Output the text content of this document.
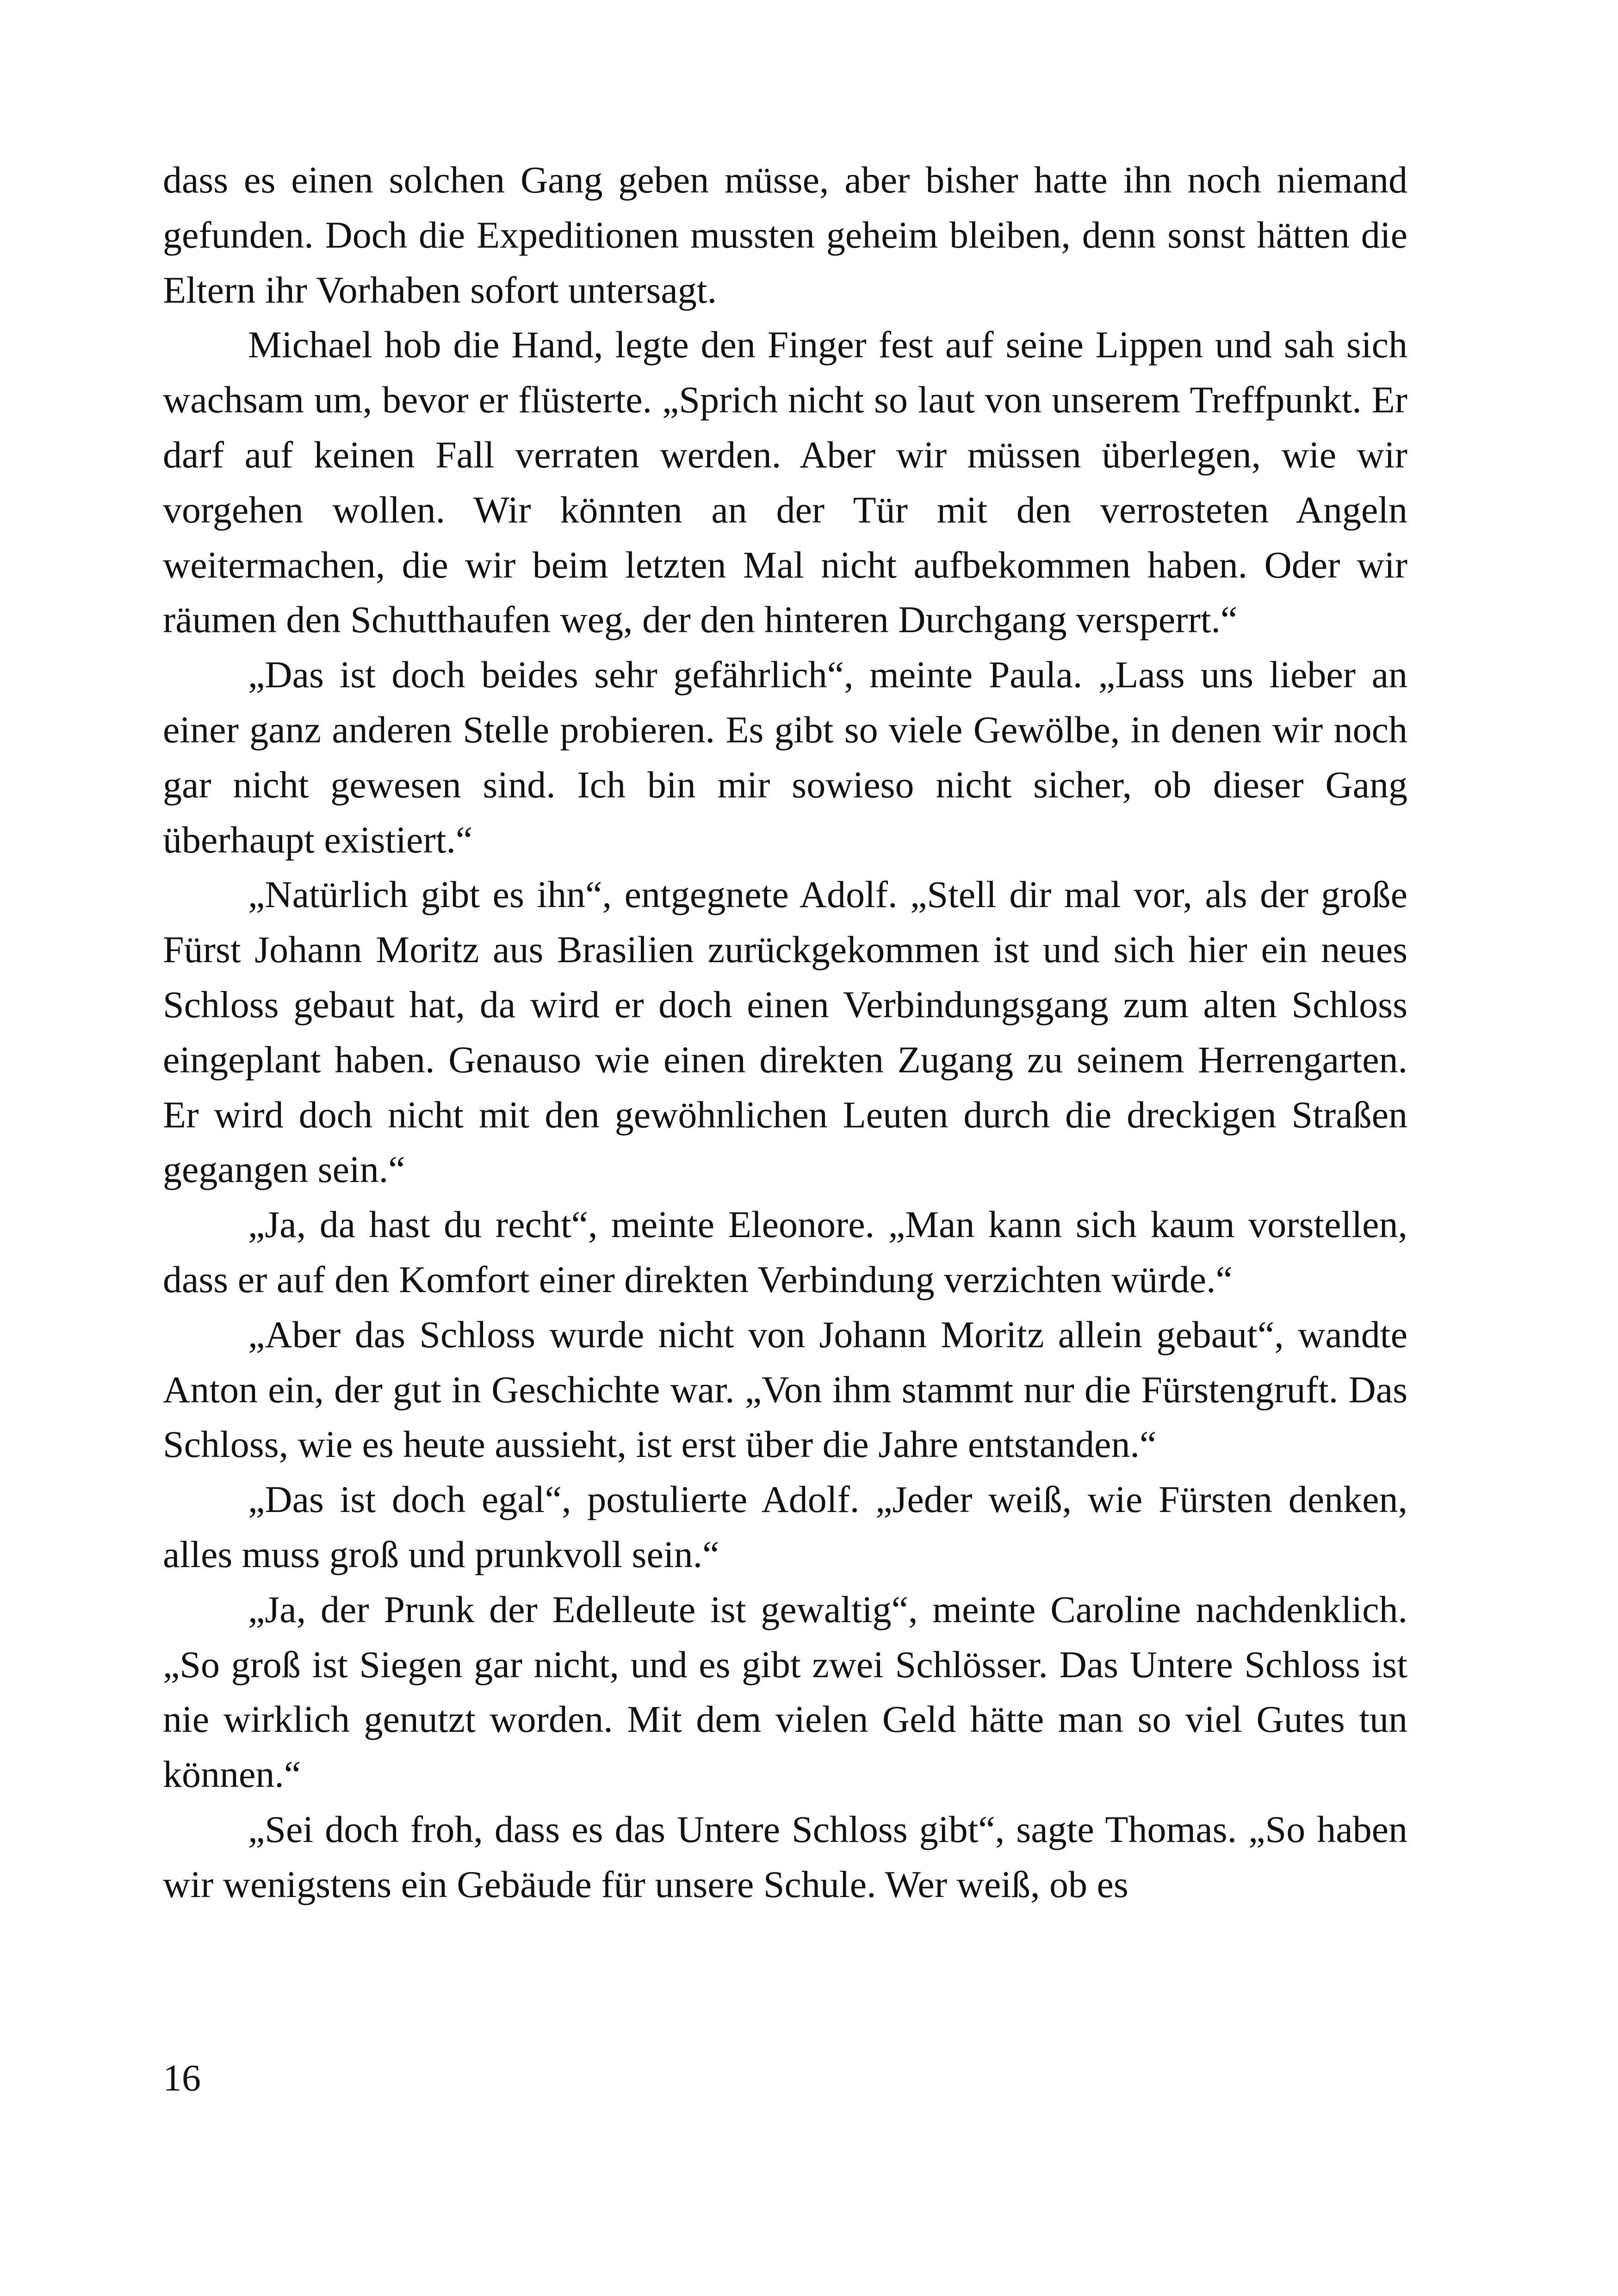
dass es einen solchen Gang geben müsse, aber bisher hatte ihn noch niemand gefunden. Doch die Expeditionen mussten geheim bleiben, denn sonst hätten die Eltern ihr Vorhaben sofort untersagt.

Michael hob die Hand, legte den Finger fest auf seine Lippen und sah sich wachsam um, bevor er flüsterte. „Sprich nicht so laut von unserem Treffpunkt. Er darf auf keinen Fall verraten werden. Aber wir müssen überlegen, wie wir vorgehen wollen. Wir könnten an der Tür mit den verrosteten Angeln weitermachen, die wir beim letzten Mal nicht aufbekommen haben. Oder wir räumen den Schutthaufen weg, der den hinteren Durchgang versperrt.“

„Das ist doch beides sehr gefährlich“, meinte Paula. „Lass uns lieber an einer ganz anderen Stelle probieren. Es gibt so viele Gewölbe, in denen wir noch gar nicht gewesen sind. Ich bin mir sowieso nicht sicher, ob dieser Gang überhaupt existiert.“

„Natürlich gibt es ihn“, entgegnete Adolf. „Stell dir mal vor, als der große Fürst Johann Moritz aus Brasilien zurückgekommen ist und sich hier ein neues Schloss gebaut hat, da wird er doch einen Verbindungsgang zum alten Schloss eingeplant haben. Genauso wie einen direkten Zugang zu seinem Herrengarten. Er wird doch nicht mit den gewöhnlichen Leuten durch die dreckigen Straßen gegangen sein.“

„Ja, da hast du recht“, meinte Eleonore. „Man kann sich kaum vorstellen, dass er auf den Komfort einer direkten Verbindung verzichten würde.“

„Aber das Schloss wurde nicht von Johann Moritz allein gebaut“, wandte Anton ein, der gut in Geschichte war. „Von ihm stammt nur die Fürstengruft. Das Schloss, wie es heute aussieht, ist erst über die Jahre entstanden.“

„Das ist doch egal“, postulierte Adolf. „Jeder weiß, wie Fürsten denken, alles muss groß und prunkvoll sein.“

„Ja, der Prunk der Edelleute ist gewaltig“, meinte Caroline nachdenklich. „So groß ist Siegen gar nicht, und es gibt zwei Schlösser. Das Untere Schloss ist nie wirklich genutzt worden. Mit dem vielen Geld hätte man so viel Gutes tun können.“

„Sei doch froh, dass es das Untere Schloss gibt“, sagte Thomas. „So haben wir wenigstens ein Gebäude für unsere Schule. Wer weiß, ob es

16
